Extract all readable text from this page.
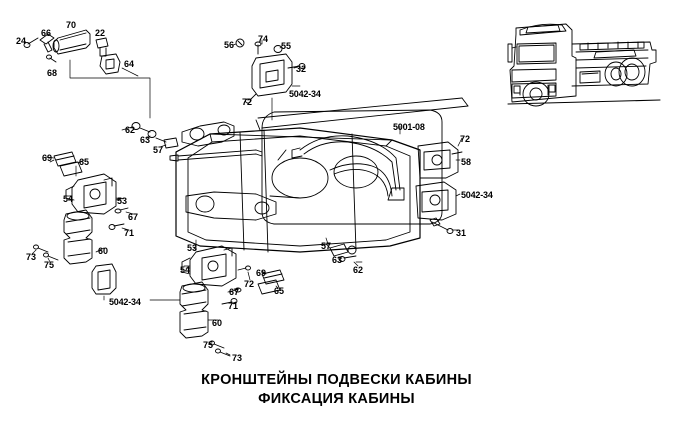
24
66
70
22
68
64
56
74
55
32
5042-34
72
5001-08
72
62
63
57
58
69	65
54	53
5042-34
67
71	31
73
75
60	53	57
63
62
54	69
65
72
67
71
5042-34
60
75
73
КРОНШТЕЙНЫ ПОДВЕСКИ КАБИНЫ
ФИКСАЦИЯ КАБИНЫ
